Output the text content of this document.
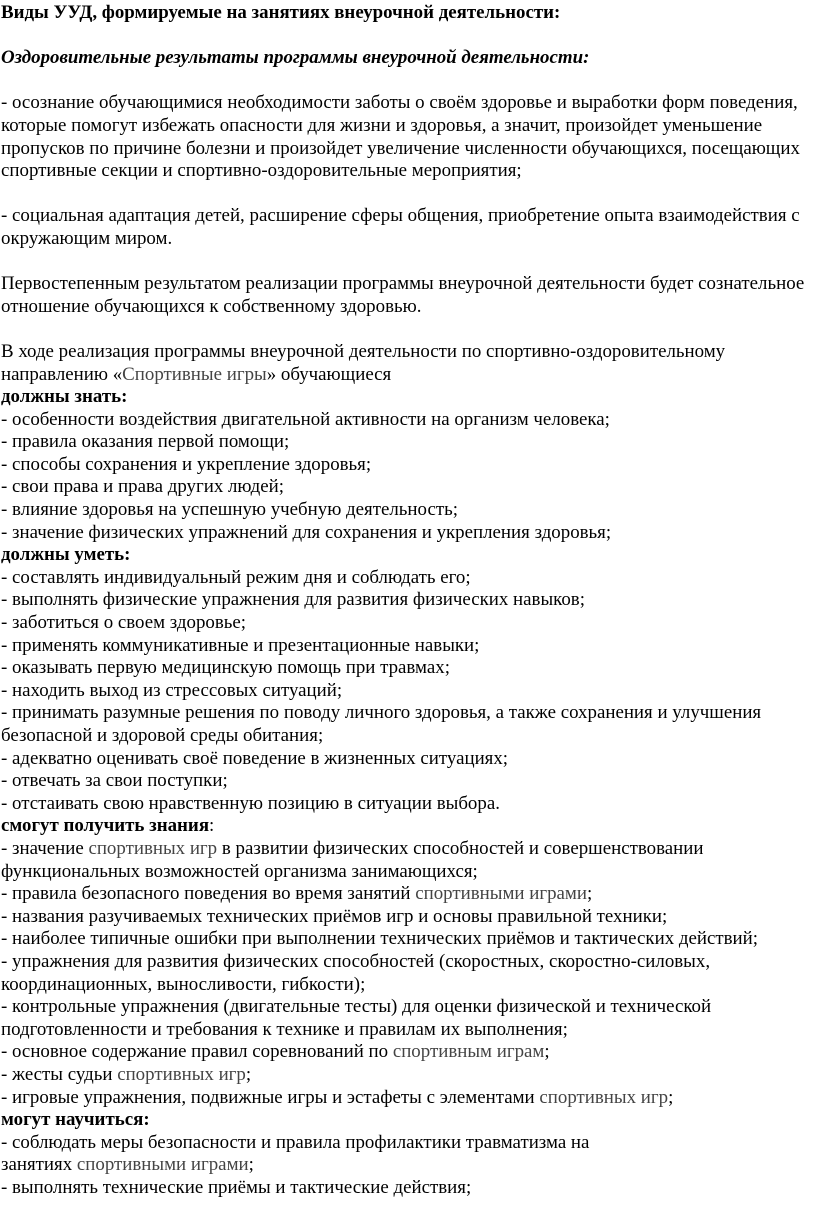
Виды УУД, формируемые на занятиях внеурочной деятельности:

Оздоровительные результаты программы внеурочной деятельности:

- осознание обучающимися необходимости заботы о своём здоровье и выработки форм поведения, которые помогут избежать опасности для жизни и здоровья, а значит, произойдет уменьшение пропусков по причине болезни и произойдет увеличение численности обучающихся, посещающих спортивные секции и спортивно-оздоровительные мероприятия;

- социальная адаптация детей, расширение сферы общения, приобретение опыта взаимодействия с окружающим миром.

Первостепенным результатом реализации программы внеурочной деятельности будет сознательное отношение обучающихся к собственному здоровью.

В ходе реализация программы внеурочной деятельности по спортивно-оздоровительному направлению «Спортивные игры» обучающиеся

должны знать:

- особенности воздействия двигательной активности на организм человека;
- правила оказания первой помощи;
- способы сохранения и укрепление здоровья;
- свои права и права других людей;
- влияние здоровья на успешную учебную деятельность;
- значение физических упражнений для сохранения и укрепления здоровья;

должны уметь:

- составлять индивидуальный режим дня и соблюдать его;
- выполнять физические упражнения для развития физических навыков;
- заботиться о своем здоровье;
- применять коммуникативные и презентационные навыки;
- оказывать первую медицинскую помощь при травмах;
- находить выход из стрессовых ситуаций;
- принимать разумные решения по поводу личного здоровья, а также сохранения и улучшения безопасной и здоровой среды обитания;
- адекватно оценивать своё поведение в жизненных ситуациях;
- отвечать за свои поступки;
- отстаивать свою нравственную позицию в ситуации выбора.

смогут получить знания:

- значение спортивных игр в развитии физических способностей и совершенствовании функциональных возможностей организма занимающихся;
- правила безопасного поведения во время занятий спортивными играми;
- названия разучиваемых технических приёмов игр и основы правильной техники;
- наиболее типичные ошибки при выполнении технических приёмов и тактических действий;
- упражнения для развития физических способностей (скоростных, скоростно-силовых, координационных, выносливости, гибкости);
- контрольные упражнения (двигательные тесты) для оценки физической и технической подготовленности и требования к технике и правилам их выполнения;
- основное содержание правил соревнований по спортивным играм;
- жесты судьи спортивных игр;
- игровые упражнения, подвижные игры и эстафеты с элементами спортивных игр;

могут научиться:

- соблюдать меры безопасности и правила профилактики травматизма на
занятиях спортивными играми;
- выполнять технические приёмы и тактические действия;
